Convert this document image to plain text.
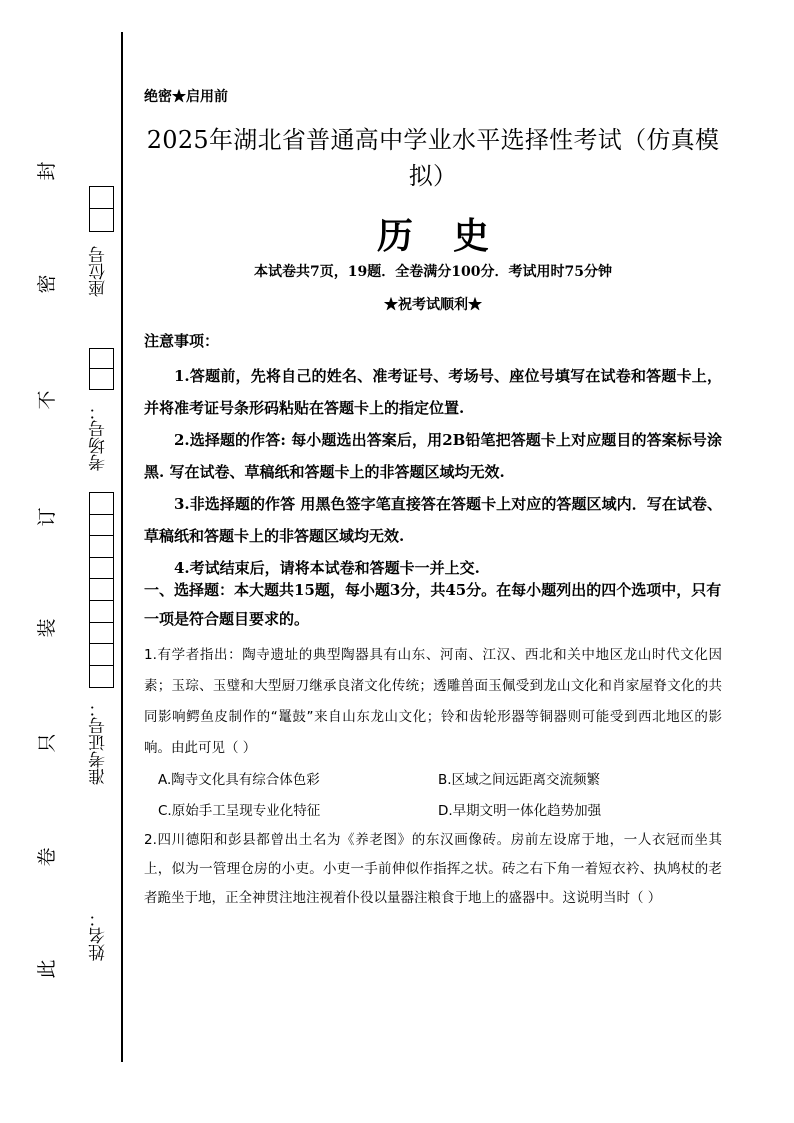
封
密
不
订
装
只
卷
此
座位号
考场号：
准考证号：
姓名：
绝密★启用前
2025年湖北省普通高中学业水平选择性考试（仿真模
拟）
历史
本试卷共7页，19题．全卷满分100分．考试用时75分钟
★祝考试顺利★
注意事项：

1.答题前，先将自己的姓名、准考证号、考场号、座位号填写在试卷和答题卡上，并将准考证号条形码粘贴在答题卡上的指定位置.

2.选择题的作答: 每小题选出答案后，用2B铅笔把答题卡上对应题目的答案标号涂黑. 写在试卷、草稿纸和答题卡上的非答题区域均无效.

3.非选择题的作答 用黑色签字笔直接答在答题卡上对应的答题区域内．写在试卷、草稿纸和答题卡上的非答题区域均无效.

4.考试结束后，请将本试卷和答题卡一并上交.

一、选择题：本大题共15题，每小题3分，共45分。在每小题列出的四个选项中，只有一项是符合题目要求的。

1.有学者指出：陶寺遗址的典型陶器具有山东、河南、江汉、西北和关中地区龙山时代文化因素；玉琮、玉璧和大型厨刀继承良渚文化传统；透雕兽面玉佩受到龙山文化和肖家屋脊文化的共同影响鳄鱼皮制作的“鼍鼓”来自山东龙山文化；铃和齿轮形器等铜器则可能受到西北地区的影响。由此可见（ ）

A.陶寺文化具有综合体色彩	B.区域之间远距离交流频繁
C.原始手工呈现专业化特征	D.早期文明一体化趋势加强

2.四川德阳和彭县都曾出土名为《养老图》的东汉画像砖。房前左设席于地，一人衣冠而坐其上，似为一管理仓房的小吏。小吏一手前伸似作指挥之状。砖之右下角一着短衣衿、执鸠杖的老者跪坐于地，正全神贯注地注视着仆役以量器注粮食于地上的盛器中。这说明当时（ ）
